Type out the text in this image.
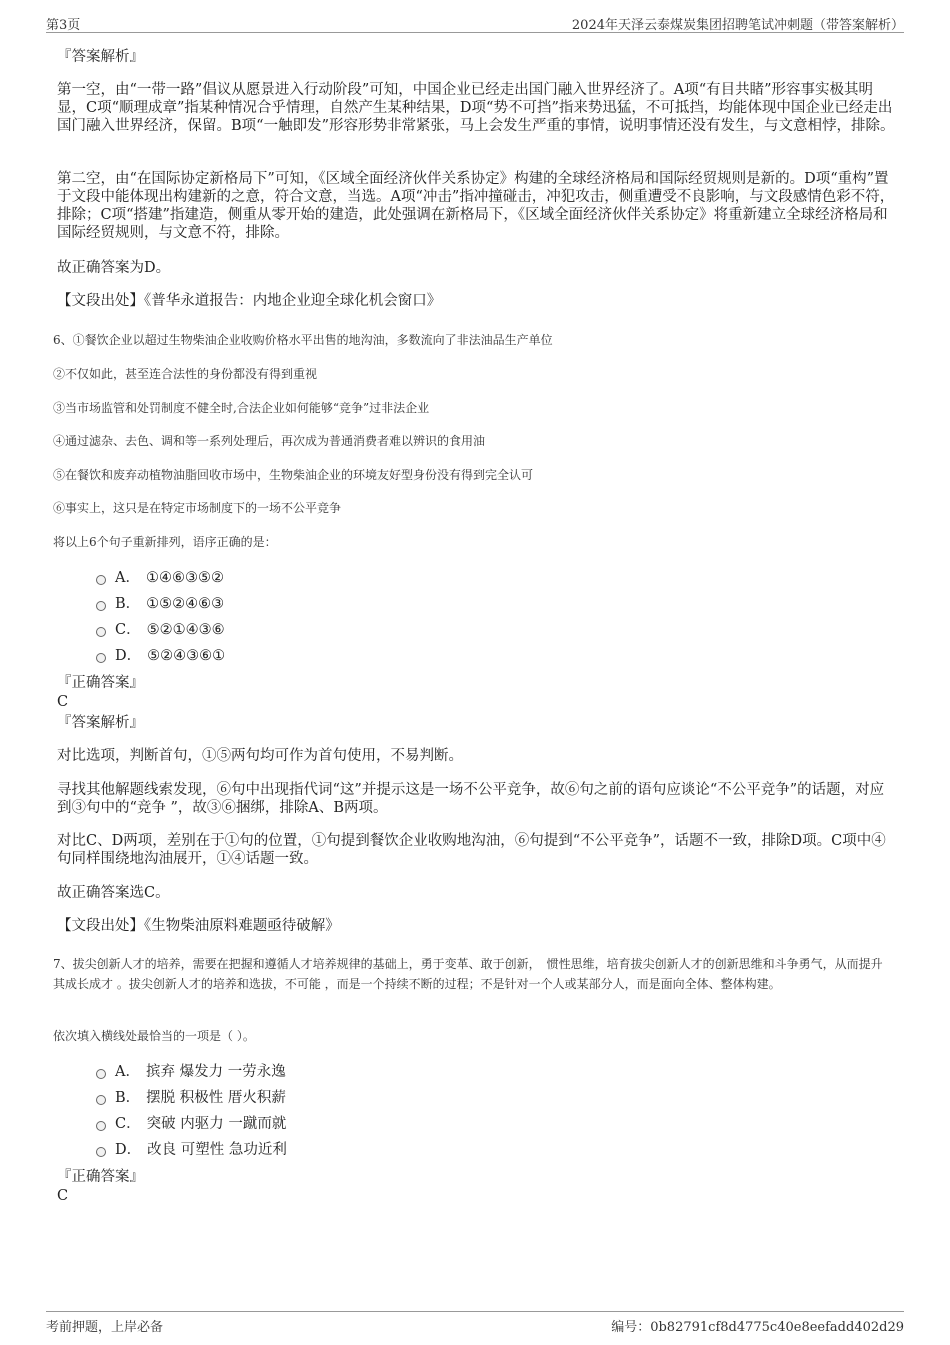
第3页	2024年天泽云泰煤炭集团招聘笔试冲刺题（带答案解析）

『答案解析』

第一空，由“一带一路”倡议从愿景进入行动阶段”可知，中国企业已经走出国门融入世界经济了。A项“有目共睹”形容事实极其明显，C项“顺理成章”指某种情况合乎情理，自然产生某种结果，D项“势不可挡”指来势迅猛，不可抵挡，均能体现中国企业已经走出国门融入世界经济，保留。B项“一触即发”形容形势非常紧张，马上会发生严重的事情，说明事情还没有发生，与文意相悖，排除。

第二空，由“在国际协定新格局下”可知，《区域全面经济伙伴关系协定》构建的全球经济格局和国际经贸规则是新的。D项“重构”置于文段中能体现出构建新的之意，符合文意，当选。A项“冲击”指冲撞碰击，冲犯攻击，侧重遭受不良影响，与文段感情色彩不符，排除；C项“搭建”指建造，侧重从零开始的建造，此处强调在新格局下，《区域全面经济伙伴关系协定》将重新建立全球经济格局和国际经贸规则，与文意不符，排除。

故正确答案为D。

【文段出处】《普华永道报告：内地企业迎全球化机会窗口》

6、①餐饮企业以超过生物柴油企业收购价格水平出售的地沟油，多数流向了非法油品生产单位

②不仅如此，甚至连合法性的身份都没有得到重视

③当市场监管和处罚制度不健全时,合法企业如何能够“竞争”过非法企业

④通过滤杂、去色、调和等一系列处理后，再次成为普通消费者难以辨识的食用油

⑤在餐饮和废弃动植物油脂回收市场中，生物柴油企业的环境友好型身份没有得到完全认可

⑥事实上，这只是在特定市场制度下的一场不公平竞争

将以上6个句子重新排列，语序正确的是：

A． ①④⑥③⑤②
B． ①⑤②④⑥③
C． ⑤②①④③⑥
D． ⑤②④③⑥①

『正确答案』

C

『答案解析』

对比选项，判断首句，①⑤两句均可作为首句使用，不易判断。

寻找其他解题线索发现，⑥句中出现指代词“这”并提示这是一场不公平竞争，故⑥句之前的语句应谈论“不公平竞争”的话题，对应到③句中的“竞争 ”，故③⑥捆绑，排除A、B两项。

对比C、D两项，差别在于①句的位置，①句提到餐饮企业收购地沟油，⑥句提到“不公平竞争”，话题不一致，排除D项。C项中④句同样围绕地沟油展开，①④话题一致。

故正确答案选C。

【文段出处】《生物柴油原料难题亟待破解》

7、拔尖创新人才的培养，需要在把握和遵循人才培养规律的基础上，勇于变革、敢于创新，　惯性思维，培育拔尖创新人才的创新思维和斗争勇气，从而提升其成长成才 。拔尖创新人才的培养和选拔，不可能 ，而是一个持续不断的过程；不是针对一个人或某部分人，而是面向全体、整体构建。

依次填入横线处最恰当的一项是（ ）。

A． 摈弃 爆发力 一劳永逸
B． 摆脱 积极性 厝火积薪
C． 突破 内驱力 一蹴而就
D． 改良 可塑性 急功近利

『正确答案』

C

考前押题，上岸必备	编号：0b82791cf8d4775c40e8eefadd402d29
